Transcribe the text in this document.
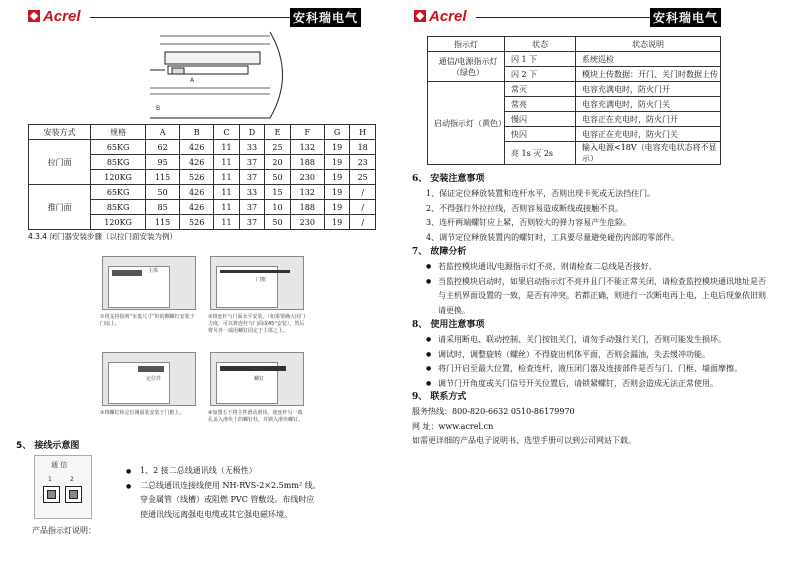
Acrel	安科瑞电气
A
B
安装方式	规格	A	B	C	D	E	F	G	H
拉门面	65KG	62	426	11	33	25	132	19	18
	85KG	95	426	11	37	20	188	19	23
	120KG	115	526	11	37	50	230	19	25
推门面	65KG	50	426	11	33	15	132	19	/
	85KG	85	426	11	37	10	188	19	/
	120KG	115	526	11	37	50	230	19	/
4.3.4 闭门器安装步骤（以拉门面安装为例）
主体
①将支持指明“室低尺寸”的的侧螺钉安装于门扇上。
门框
②将连杆与门面水平安装。（如果要确大闭门力度，可以将连杆与门面成45°安装），然后将另外一端用螺钉固定于主体之上。
定位件
③将螺钉和定位阀固装安装于门框上。
螺钉
④如图五下将主件滑动滑块，使连杆另一端孔盖入滑块上的螺钉柱，并锁入滑块螺钉。
5、 接线示意图
通 信
1	2
● 1、2 接二总线通讯线（无极性）
● 二总线通讯连接线使用 NH-RVS-2×2.5mm² 线。穿金属管（线槽）或阻燃 PVC 管敷设。布线时应使通讯线远离强电电缆或其它强电磁环境。
产品指示灯说明：
Acrel	安科瑞电气
指示灯	状态	状态说明
通信/电源指示灯（绿色）	闪 1 下	系统巡检
	闪 2 下	模块上传数据：开门、关门时数据上传
启动指示灯（黄色）	常灭	电容充满电时，防火门开
	常亮	电容充满电时，防火门关
	慢闪	电容正在充电时，防火门开
	快闪	电容正在充电时，防火门关
	亮 1s 灭 2s	输入电源<18V（电容充电状态将不显示）
6、 安装注意事项
1、保证定位释放装置和连杆水平，否则出现卡死或无法挡住门。
2、不得强行外拉拉线，否则容易造成断线或接触不良。
3、连杆两端螺钉应上紧，否则较大的弹力容易产生危险。
4、调节定位释放装置内的螺钉时，工具要尽量避免碰伤内部的零部件。
7、 故障分析
● 若监控模块通讯/电源指示灯不亮，则请检查二总线是否接好。
● 当监控模块启动时，如果启动指示灯不亮并且门不能正常关闭，请检查监控模块通讯地址是否与主机界面设置的一致，是否有冲突。若都正确，则进行一次断电再上电，上电后现象依旧则请更换。
8、 使用注意事项
● 请采用断电、联动控制、关门按钮关门，请勿手动强行关门，否则可能发生损坏。
● 调试时，调整旋转（螺丝）不得旋出机体平面，否则会漏油，失去缓冲功能。
● 将门开启至最大位置，检查连杆，液压闭门器及连接部件是否与门、门框、墙面摩擦。
● 调节门开角度或关门信号开关位置后，请锁紧螺钉，否则会造成无法正常使用。
9、 联系方式
服务热线：800-820-6632 0510-86179970
网 址：www.acrel.cn
如需更详细的产品电子说明书、选型手册可以到公司网站下载。
